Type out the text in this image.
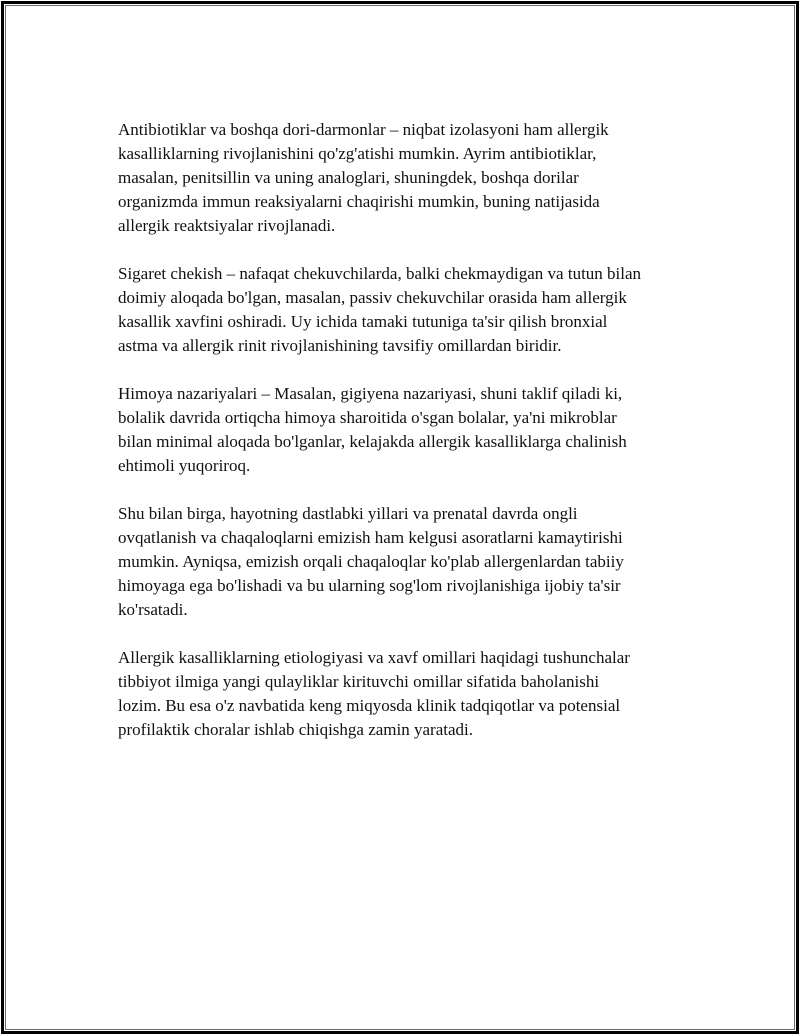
Antibiotiklar va boshqa dori-darmonlar – niqbat izolasyoni ham allergik
kasalliklarning rivojlanishini qo'zg'atishi mumkin. Ayrim antibiotiklar,
masalan, penitsillin va uning analoglari, shuningdek, boshqa dorilar
organizmda immun reaksiyalarni chaqirishi mumkin, buning natijasida
allergik reaktsiyalar rivojlanadi.

Sigaret chekish – nafaqat chekuvchilarda, balki chekmaydigan va tutun bilan
doimiy aloqada bo'lgan, masalan, passiv chekuvchilar orasida ham allergik
kasallik xavfini oshiradi. Uy ichida tamaki tutuniga ta'sir qilish bronxial
astma va allergik rinit rivojlanishining tavsifiy omillardan biridir.

Himoya nazariyalari – Masalan, gigiyena nazariyasi, shuni taklif qiladi ki,
bolalik davrida ortiqcha himoya sharoitida o'sgan bolalar, ya'ni mikroblar
bilan minimal aloqada bo'lganlar, kelajakda allergik kasalliklarga chalinish
ehtimoli yuqoriroq.

Shu bilan birga, hayotning dastlabki yillari va prenatal davrda ongli
ovqatlanish va chaqaloqlarni emizish ham kelgusi asoratlarni kamaytirishi
mumkin. Ayniqsa, emizish orqali chaqaloqlar ko'plab allergenlardan tabiiy
himoyaga ega bo'lishadi va bu ularning sog'lom rivojlanishiga ijobiy ta'sir
ko'rsatadi.

Allergik kasalliklarning etiologiyasi va xavf omillari haqidagi tushunchalar
tibbiyot ilmiga yangi qulayliklar kirituvchi omillar sifatida baholanishi
lozim. Bu esa o'z navbatida keng miqyosda klinik tadqiqotlar va potensial
profilaktik choralar ishlab chiqishga zamin yaratadi.
